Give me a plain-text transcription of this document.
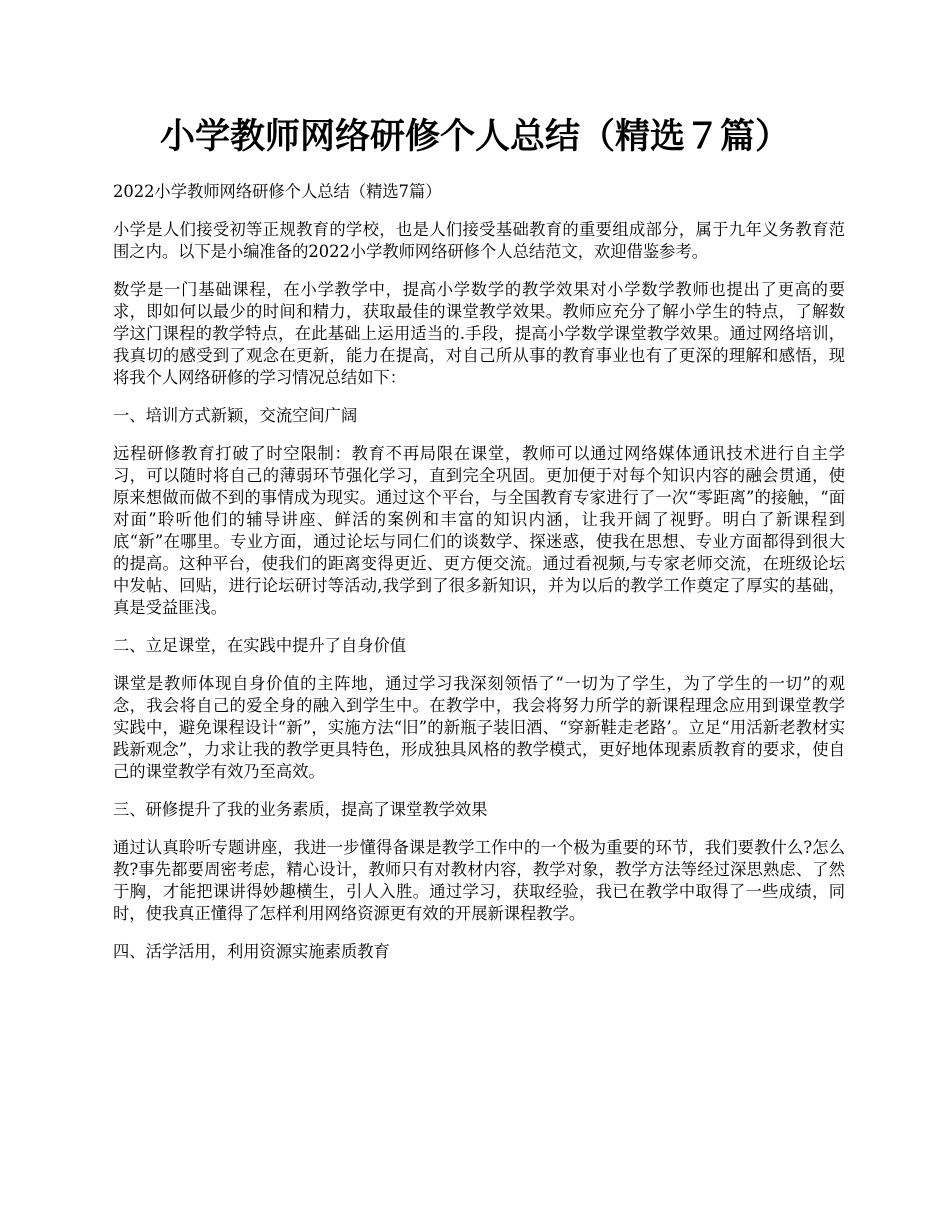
小学教师网络研修个人总结（精选７篇）

2022小学教师网络研修个人总结（精选7篇）

小学是人们接受初等正规教育的学校，也是人们接受基础教育的重要组成部分，属于九年义务教育范围之内。以下是小编准备的2022小学教师网络研修个人总结范文，欢迎借鉴参考。

数学是一门基础课程，在小学教学中，提高小学数学的教学效果对小学数学教师也提出了更高的要求，即如何以最少的时间和精力，获取最佳的课堂教学效果。教师应充分了解小学生的特点，了解数学这门课程的教学特点，在此基础上运用适当的.手段，提高小学数学课堂教学效果。通过网络培训，我真切的感受到了观念在更新，能力在提高，对自己所从事的教育事业也有了更深的理解和感悟，现将我个人网络研修的学习情况总结如下：

一、培训方式新颖，交流空间广阔

远程研修教育打破了时空限制：教育不再局限在课堂，教师可以通过网络媒体通讯技术进行自主学习，可以随时将自己的薄弱环节强化学习，直到完全巩固。更加便于对每个知识内容的融会贯通，使原来想做而做不到的事情成为现实。通过这个平台，与全国教育专家进行了一次“零距离”的接触，“面对面”聆听他们的辅导讲座、鲜活的案例和丰富的知识内涵，让我开阔了视野。明白了新课程到底“新”在哪里。专业方面，通过论坛与同仁们的谈数学、探迷惑，使我在思想、专业方面都得到很大的提高。这种平台，使我们的距离变得更近、更方便交流。通过看视频,与专家老师交流，在班级论坛中发帖、回贴，进行论坛研讨等活动,我学到了很多新知识，并为以后的教学工作奠定了厚实的基础，真是受益匪浅。

二、立足课堂，在实践中提升了自身价值

课堂是教师体现自身价值的主阵地，通过学习我深刻领悟了“一切为了学生，为了学生的一切”的观念，我会将自己的爱全身的融入到学生中。在教学中，我会将努力所学的新课程理念应用到课堂教学实践中，避免课程设计“新”，实施方法“旧”的新瓶子装旧酒、“穿新鞋走老路’。立足“用活新老教材实践新观念”，力求让我的教学更具特色，形成独具风格的教学模式，更好地体现素质教育的要求，使自己的课堂教学有效乃至高效。

三、研修提升了我的业务素质，提高了课堂教学效果

通过认真聆听专题讲座，我进一步懂得备课是教学工作中的一个极为重要的环节，我们要教什么?怎么教?事先都要周密考虑，精心设计，教师只有对教材内容，教学对象，教学方法等经过深思熟虑、了然于胸，才能把课讲得妙趣横生，引人入胜。通过学习，获取经验，我已在教学中取得了一些成绩，同时，使我真正懂得了怎样利用网络资源更有效的开展新课程教学。

四、活学活用，利用资源实施素质教育
